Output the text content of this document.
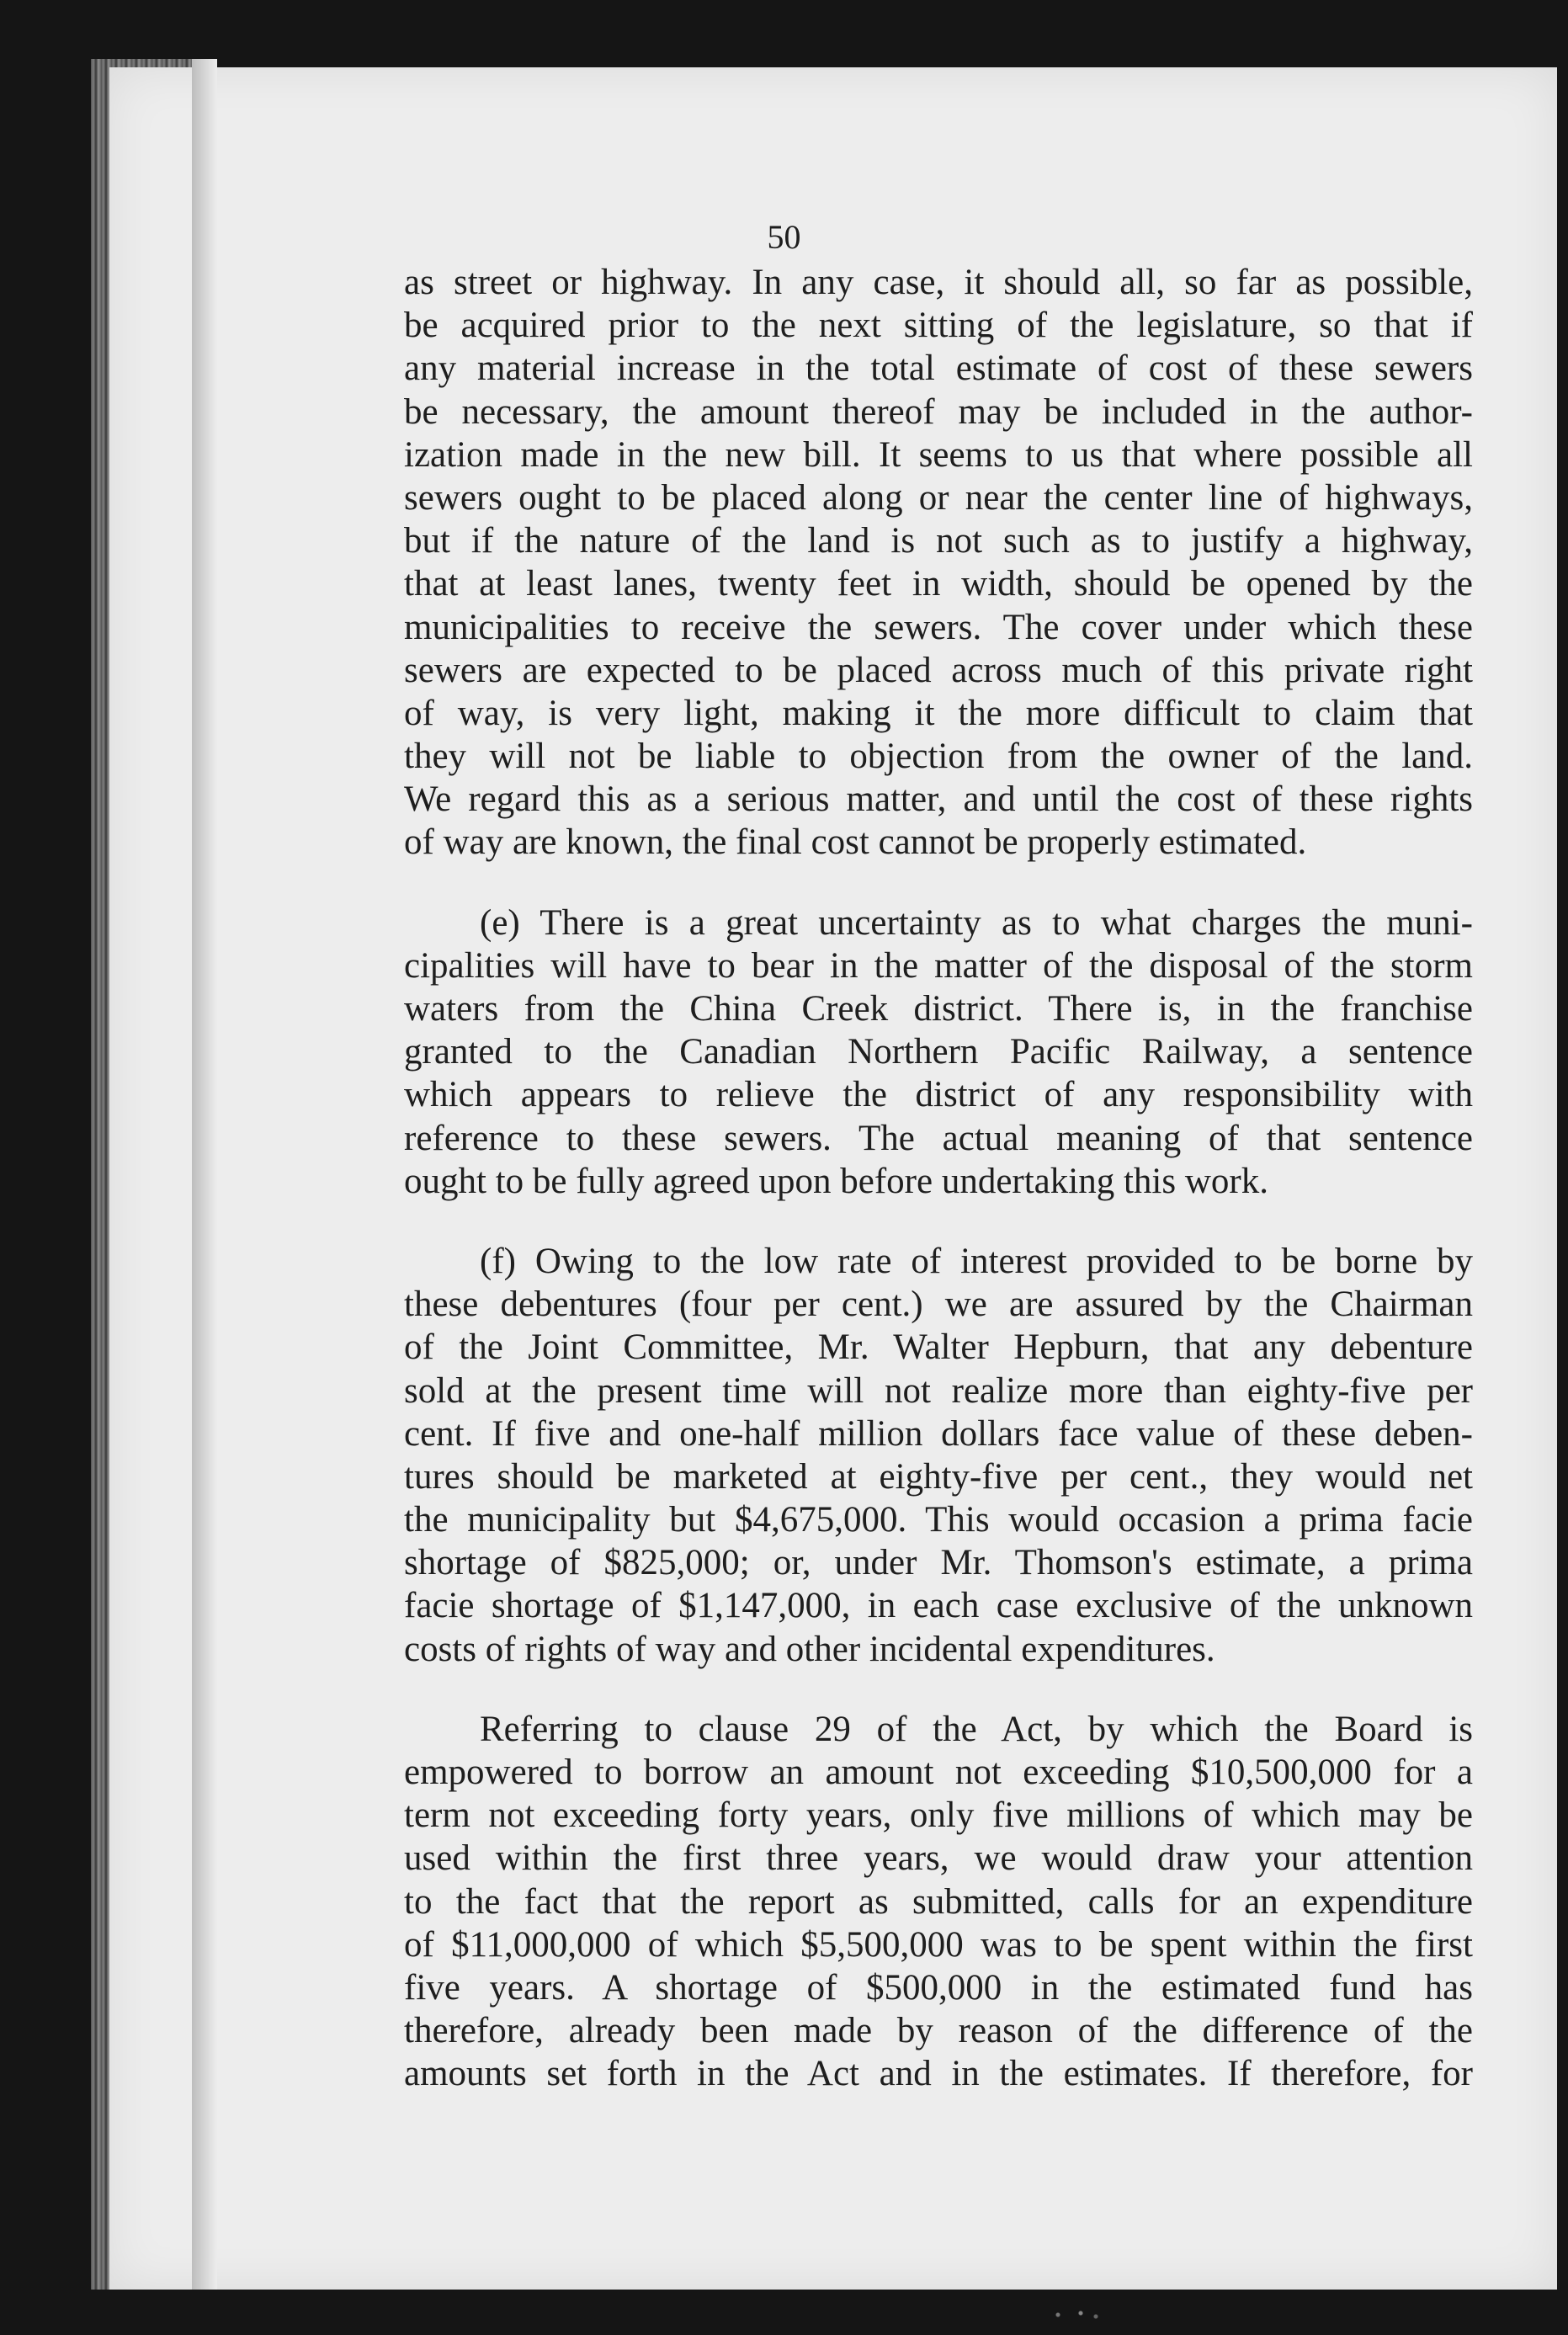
50
as street or highway. In any case, it should all, so far as possible,
be acquired prior to the next sitting of the legislature, so that if
any material increase in the total estimate of cost of these sewers
be necessary, the amount thereof may be included in the author-
ization made in the new bill. It seems to us that where possible all
sewers ought to be placed along or near the center line of highways,
but if the nature of the land is not such as to justify a highway,
that at least lanes, twenty feet in width, should be opened by the
municipalities to receive the sewers. The cover under which these
sewers are expected to be placed across much of this private right
of way, is very light, making it the more difficult to claim that
they will not be liable to objection from the owner of the land.
We regard this as a serious matter, and until the cost of these rights
of way are known, the final cost cannot be properly estimated.
(e) There is a great uncertainty as to what charges the muni-
cipalities will have to bear in the matter of the disposal of the storm
waters from the China Creek district. There is, in the franchise
granted to the Canadian Northern Pacific Railway, a sentence
which appears to relieve the district of any responsibility with
reference to these sewers. The actual meaning of that sentence
ought to be fully agreed upon before undertaking this work.
(f) Owing to the low rate of interest provided to be borne by
these debentures (four per cent.) we are assured by the Chairman
of the Joint Committee, Mr. Walter Hepburn, that any debenture
sold at the present time will not realize more than eighty-five per
cent. If five and one-half million dollars face value of these deben-
tures should be marketed at eighty-five per cent., they would net
the municipality but $4,675,000. This would occasion a prima facie
shortage of $825,000; or, under Mr. Thomson's estimate, a prima
facie shortage of $1,147,000, in each case exclusive of the unknown
costs of rights of way and other incidental expenditures.
Referring to clause 29 of the Act, by which the Board is
empowered to borrow an amount not exceeding $10,500,000 for a
term not exceeding forty years, only five millions of which may be
used within the first three years, we would draw your attention
to the fact that the report as submitted, calls for an expenditure
of $11,000,000 of which $5,500,000 was to be spent within the first
five years. A shortage of $500,000 in the estimated fund has
therefore, already been made by reason of the difference of the
amounts set forth in the Act and in the estimates. If therefore, for
